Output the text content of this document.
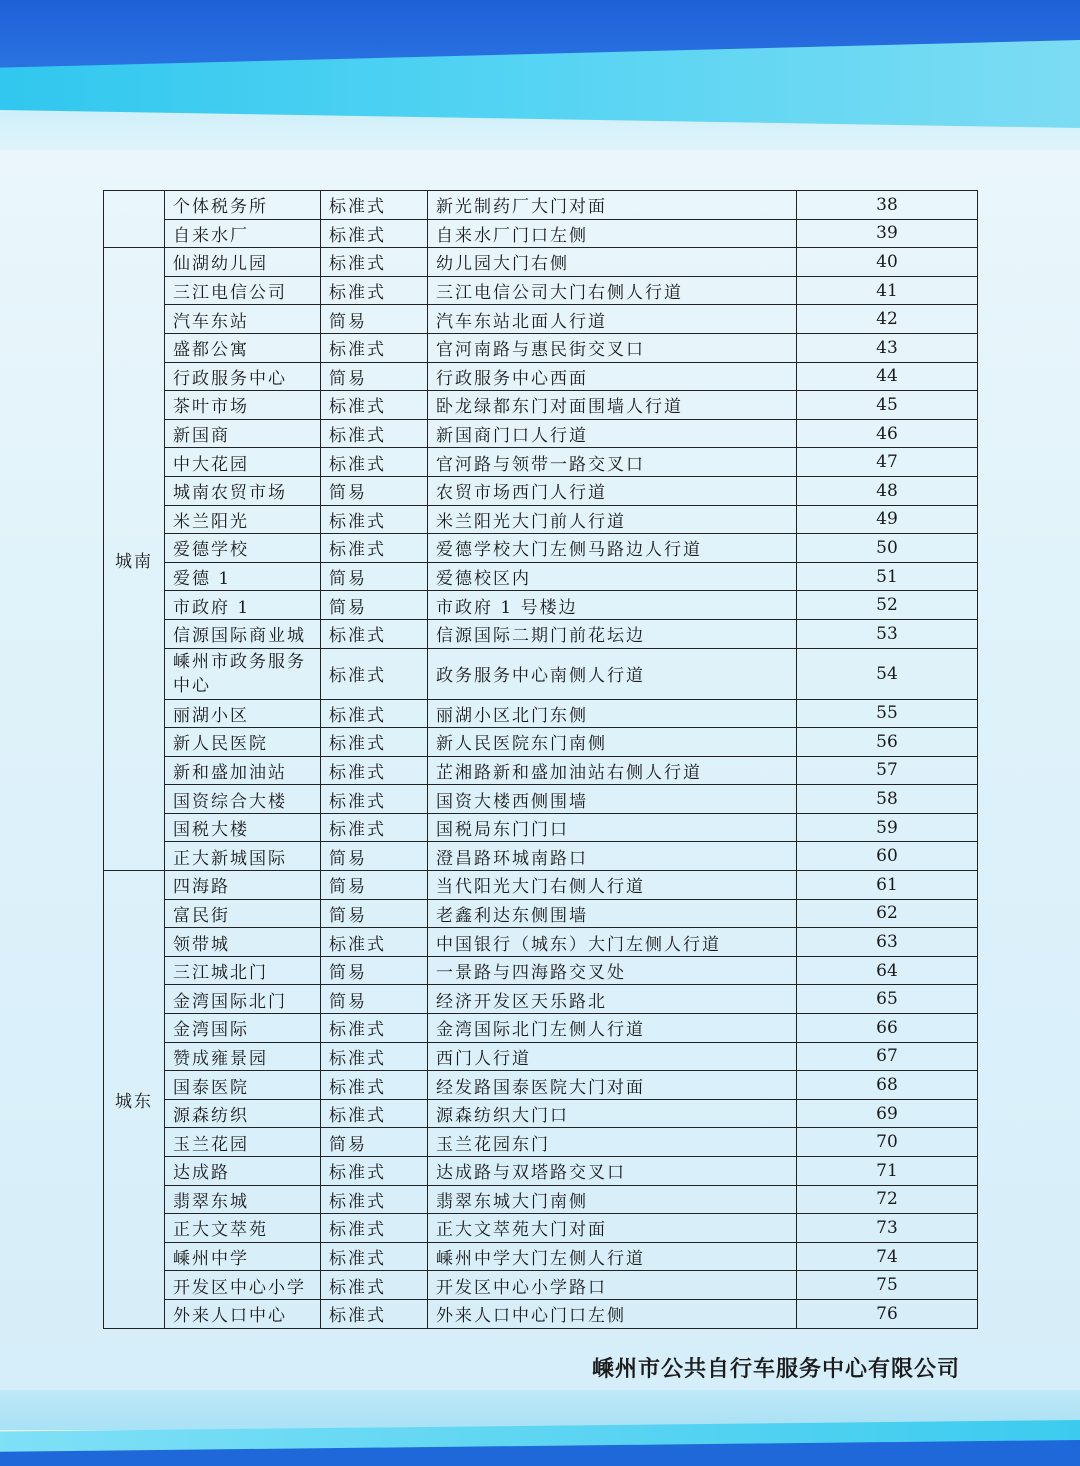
	个体税务所	标准式	新光制药厂大门对面	38
	自来水厂	标准式	自来水厂门口左侧	39
城南	仙湖幼儿园	标准式	幼儿园大门右侧	40
	三江电信公司	标准式	三江电信公司大门右侧人行道	41
	汽车东站	简易	汽车东站北面人行道	42
	盛都公寓	标准式	官河南路与惠民街交叉口	43
	行政服务中心	简易	行政服务中心西面	44
	茶叶市场	标准式	卧龙绿都东门对面围墙人行道	45
	新国商	标准式	新国商门口人行道	46
	中大花园	标准式	官河路与领带一路交叉口	47
	城南农贸市场	简易	农贸市场西门人行道	48
	米兰阳光	标准式	米兰阳光大门前人行道	49
	爱德学校	标准式	爱德学校大门左侧马路边人行道	50
	爱德 1	简易	爱德校区内	51
	市政府 1	简易	市政府 1 号楼边	52
	信源国际商业城	标准式	信源国际二期门前花坛边	53
	嵊州市政务服务中心	标准式	政务服务中心南侧人行道	54
	丽湖小区	标准式	丽湖小区北门东侧	55
	新人民医院	标准式	新人民医院东门南侧	56
	新和盛加油站	标准式	芷湘路新和盛加油站右侧人行道	57
	国资综合大楼	标准式	国资大楼西侧围墙	58
	国税大楼	标准式	国税局东门门口	59
	正大新城国际	简易	澄昌路环城南路口	60
城东	四海路	简易	当代阳光大门右侧人行道	61
	富民街	简易	老鑫利达东侧围墙	62
	领带城	标准式	中国银行（城东）大门左侧人行道	63
	三江城北门	简易	一景路与四海路交叉处	64
	金湾国际北门	简易	经济开发区天乐路北	65
	金湾国际	标准式	金湾国际北门左侧人行道	66
	赞成雍景园	标准式	西门人行道	67
	国泰医院	标准式	经发路国泰医院大门对面	68
	源森纺织	标准式	源森纺织大门口	69
	玉兰花园	简易	玉兰花园东门	70
	达成路	标准式	达成路与双塔路交叉口	71
	翡翠东城	标准式	翡翠东城大门南侧	72
	正大文萃苑	标准式	正大文萃苑大门对面	73
	嵊州中学	标准式	嵊州中学大门左侧人行道	74
	开发区中心小学	标准式	开发区中心小学路口	75
	外来人口中心	标准式	外来人口中心门口左侧	76
嵊州市公共自行车服务中心有限公司
